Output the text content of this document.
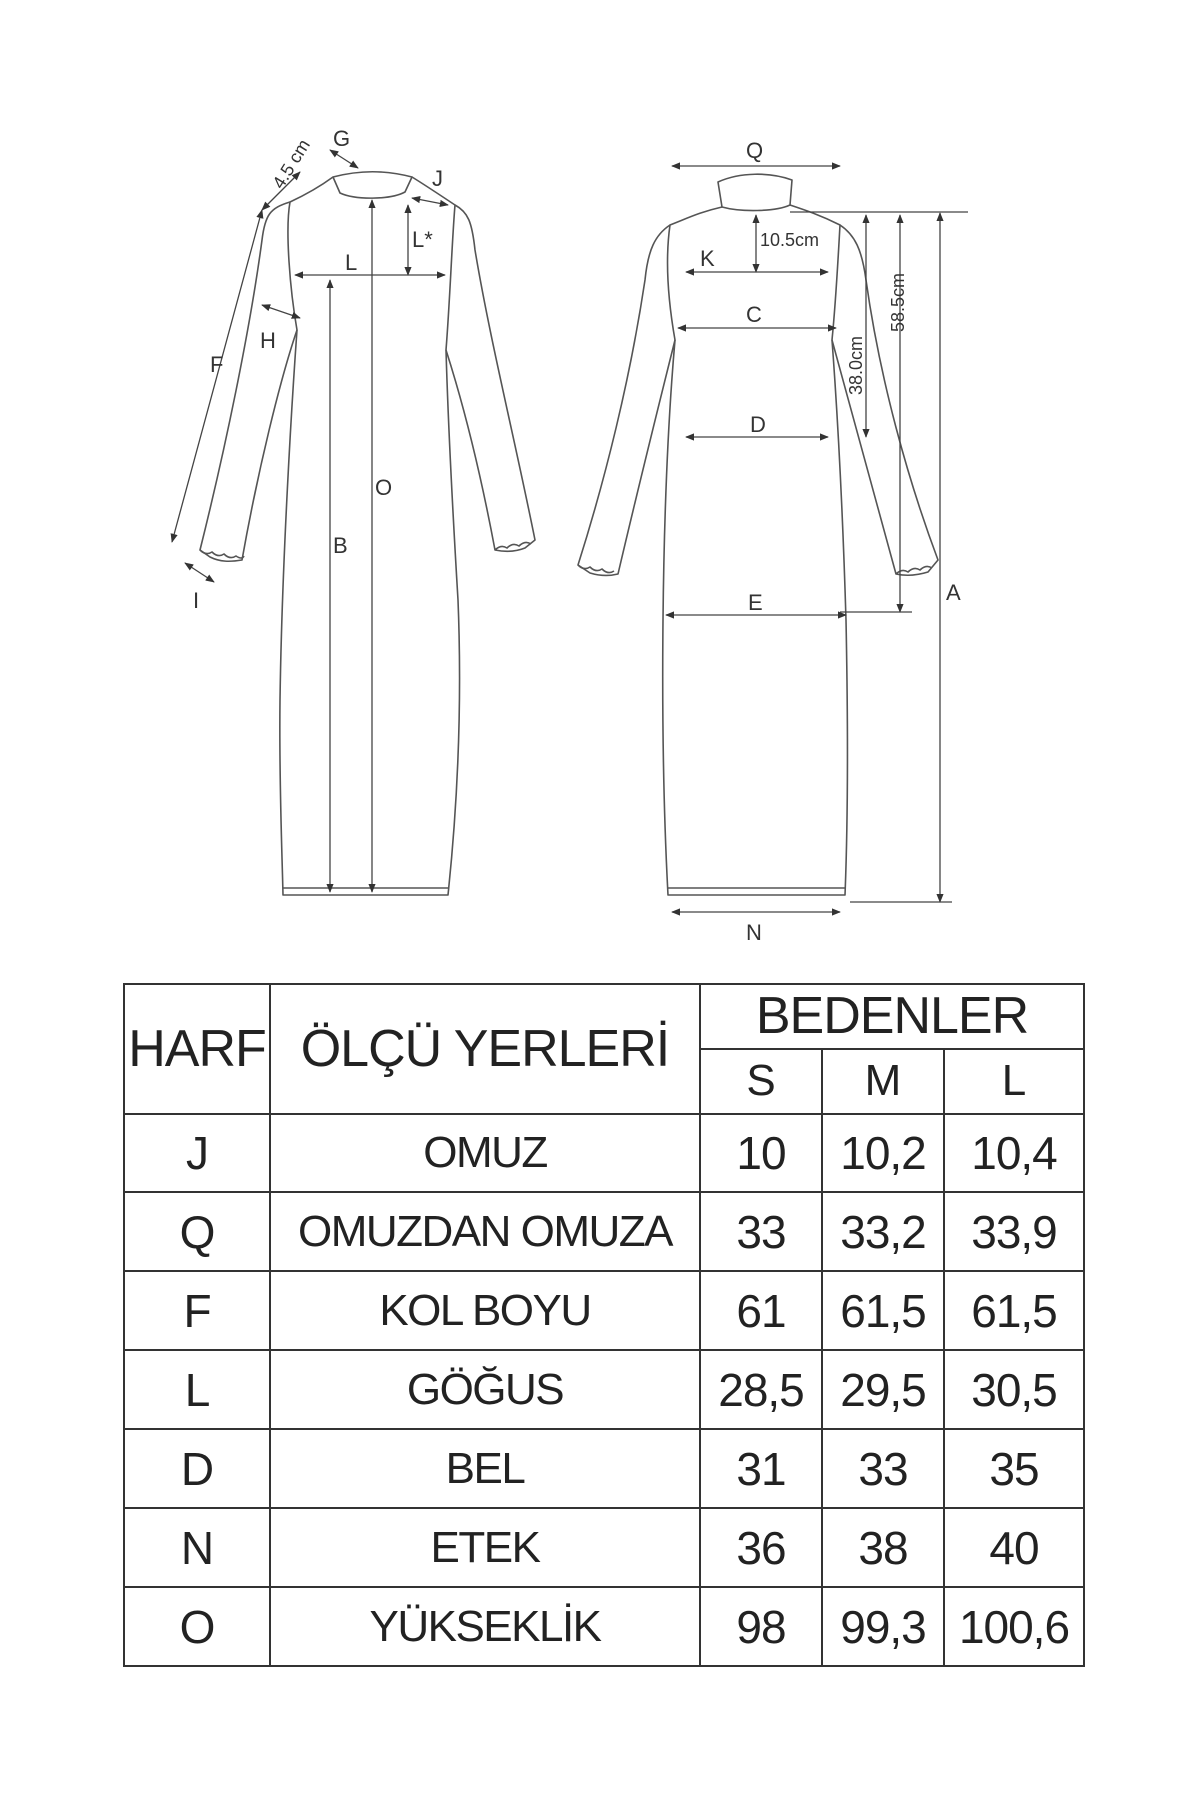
G
4.5 cm	J
L*
L
H
F
O
B
I
Q
10.5cm
K
C
38.0cm
58.5cm
D
E	A
N
HARF	ÖLÇÜ YERLERİ	BEDENLER		
		S	M	L
J	OMUZ	10	10,2	10,4
Q	OMUZDAN OMUZA	33	33,2	33,9
F	KOL BOYU	61	61,5	61,5
L	GÖĞUS	28,5	29,5	30,5
D	BEL	31	33	35
N	ETEK	36	38	40
O	YÜKSEKLİK	98	99,3	100,6
